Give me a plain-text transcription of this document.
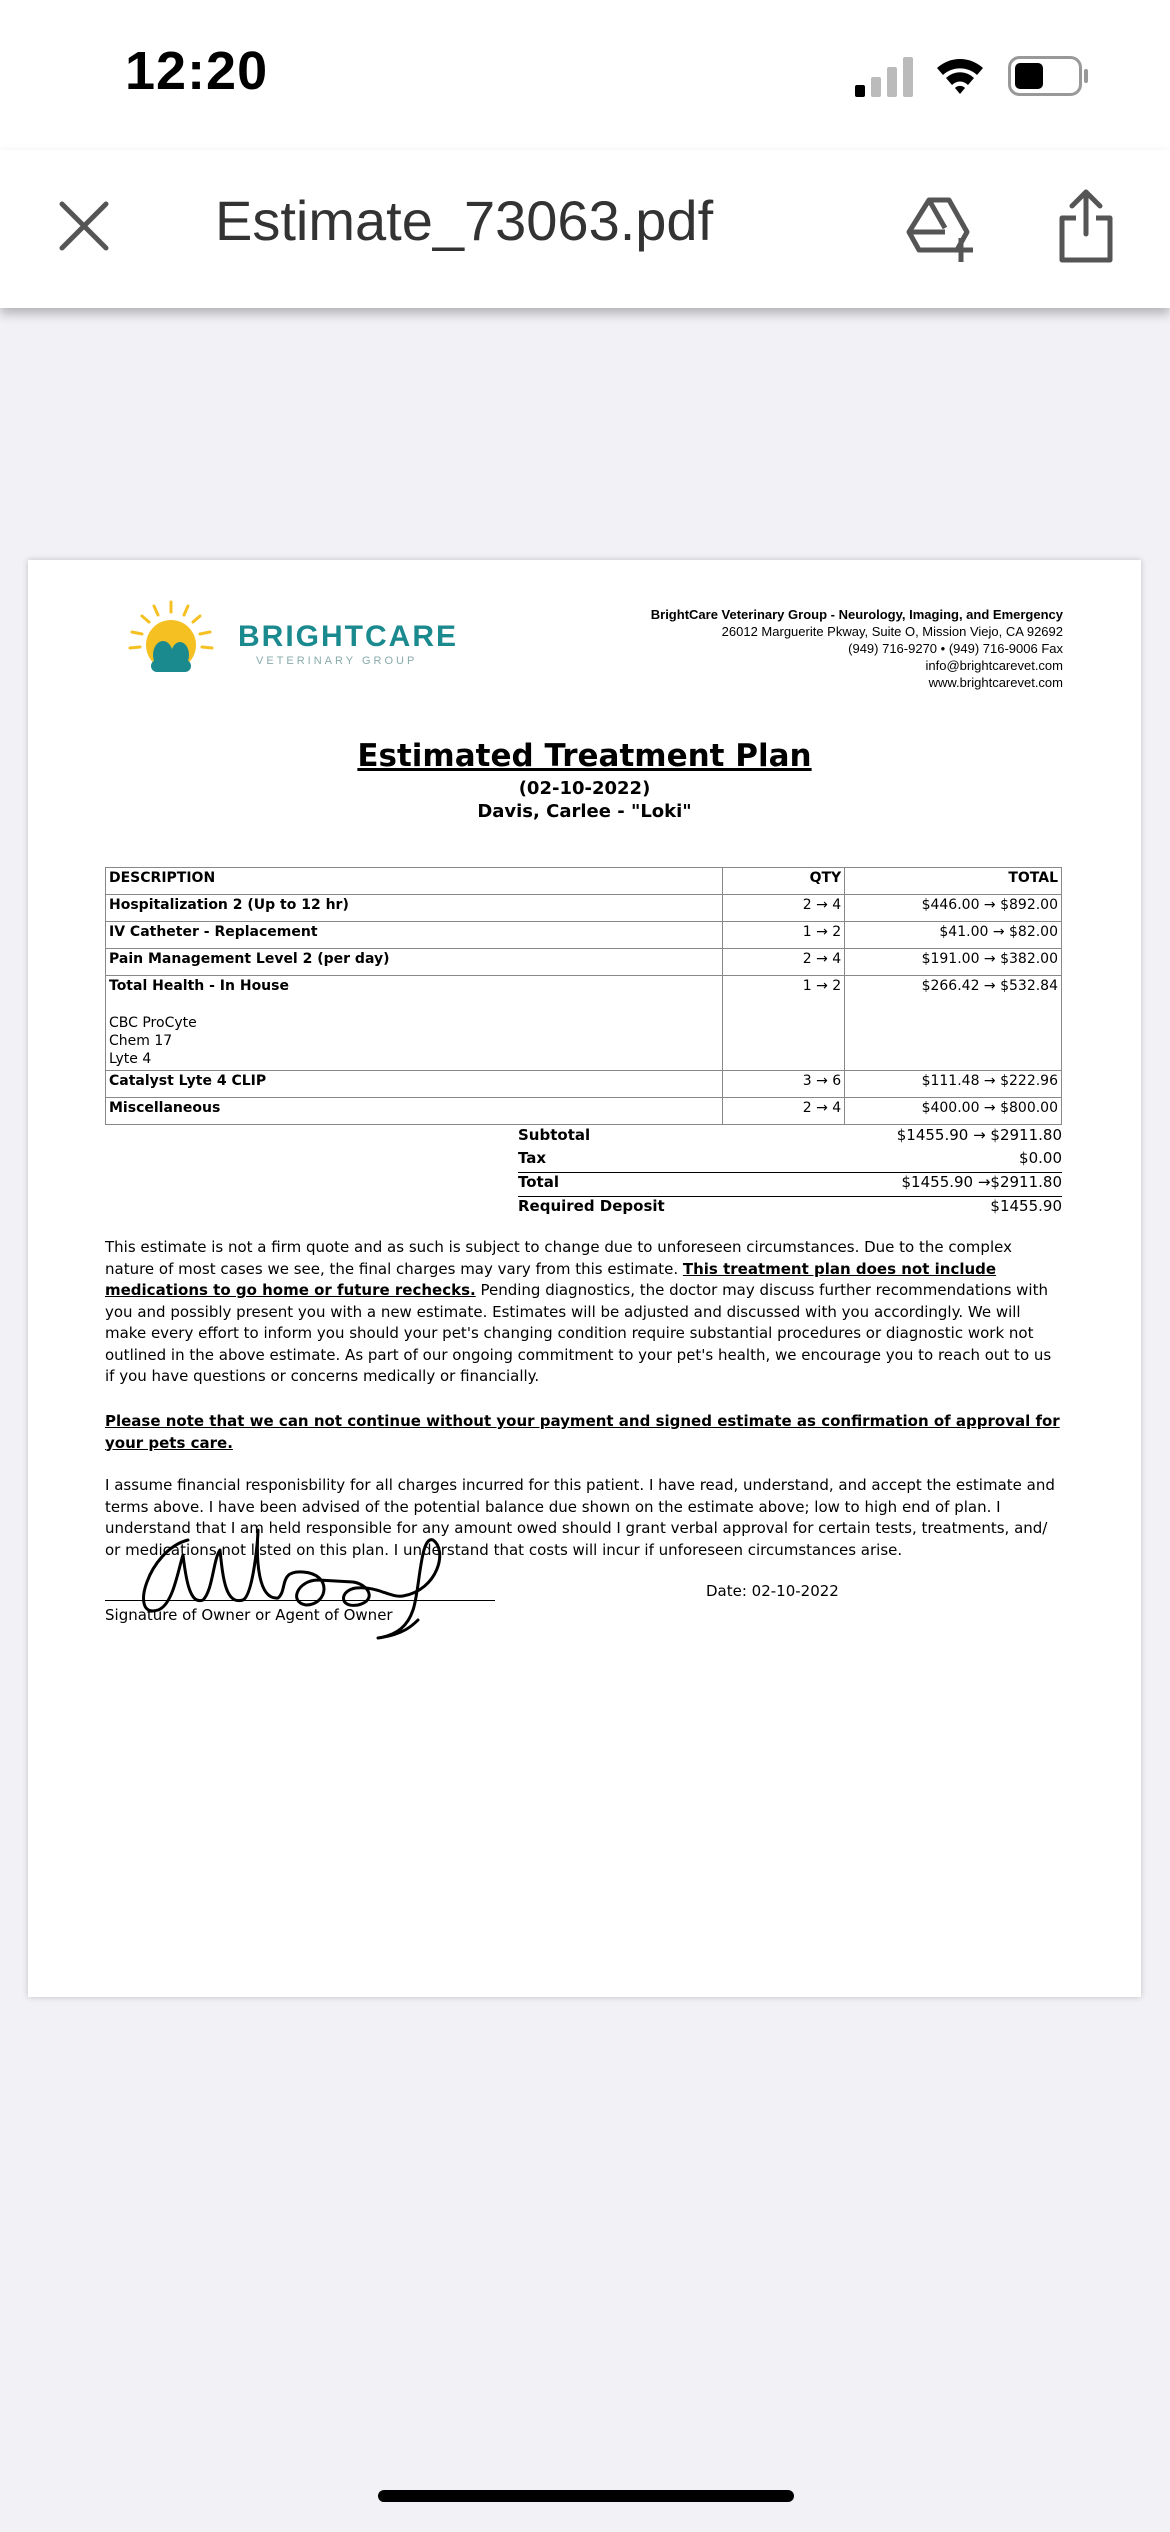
12:20
Estimate_73063.pdf
BRIGHTCARE
VETERINARY GROUP
BrightCare Veterinary Group - Neurology, Imaging, and Emergency
26012 Marguerite Pkway, Suite O, Mission Viejo, CA 92692
(949) 716-9270 • (949) 716-9006 Fax
info@brightcarevet.com
www.brightcarevet.com
Estimated Treatment Plan
(02-10-2022)
Davis, Carlee - "Loki"
DESCRIPTION	QTY	TOTAL
Hospitalization 2 (Up to 12 hr)	2 → 4	$446.00 → $892.00
IV Catheter - Replacement	1 → 2	$41.00 → $82.00
Pain Management Level 2 (per day)	2 → 4	$191.00 → $382.00
Total Health - In House
CBC ProCyte
Chem 17
Lyte 4	1 → 2	$266.42 → $532.84
Catalyst Lyte 4 CLIP	3 → 6	$111.48 → $222.96
Miscellaneous	2 → 4	$400.00 → $800.00
Subtotal	$1455.90 → $2911.80
Tax	$0.00
Total	$1455.90 →$2911.80
Required Deposit	$1455.90
This estimate is not a firm quote and as such is subject to change due to unforeseen circumstances. Due to the complex nature of most cases we see, the final charges may vary from this estimate. This treatment plan does not include medications to go home or future rechecks. Pending diagnostics, the doctor may discuss further recommendations with you and possibly present you with a new estimate. Estimates will be adjusted and discussed with you accordingly. We will make every effort to inform you should your pet's changing condition require substantial procedures or diagnostic work not outlined in the above estimate. As part of our ongoing commitment to your pet's health, we encourage you to reach out to us if you have questions or concerns medically or financially.
Please note that we can not continue without your payment and signed estimate as confirmation of approval for your pets care.
I assume financial responisbility for all charges incurred for this patient. I have read, understand, and accept the estimate and terms above. I have been advised of the potential balance due shown on the estimate above; low to high end of plan. I understand that I am held responsible for any amount owed should I grant verbal approval for certain tests, treatments, and/ or medications not listed on this plan. I understand that costs will incur if unforeseen circumstances arise.
Signature of Owner or Agent of Owner
Date: 02-10-2022
